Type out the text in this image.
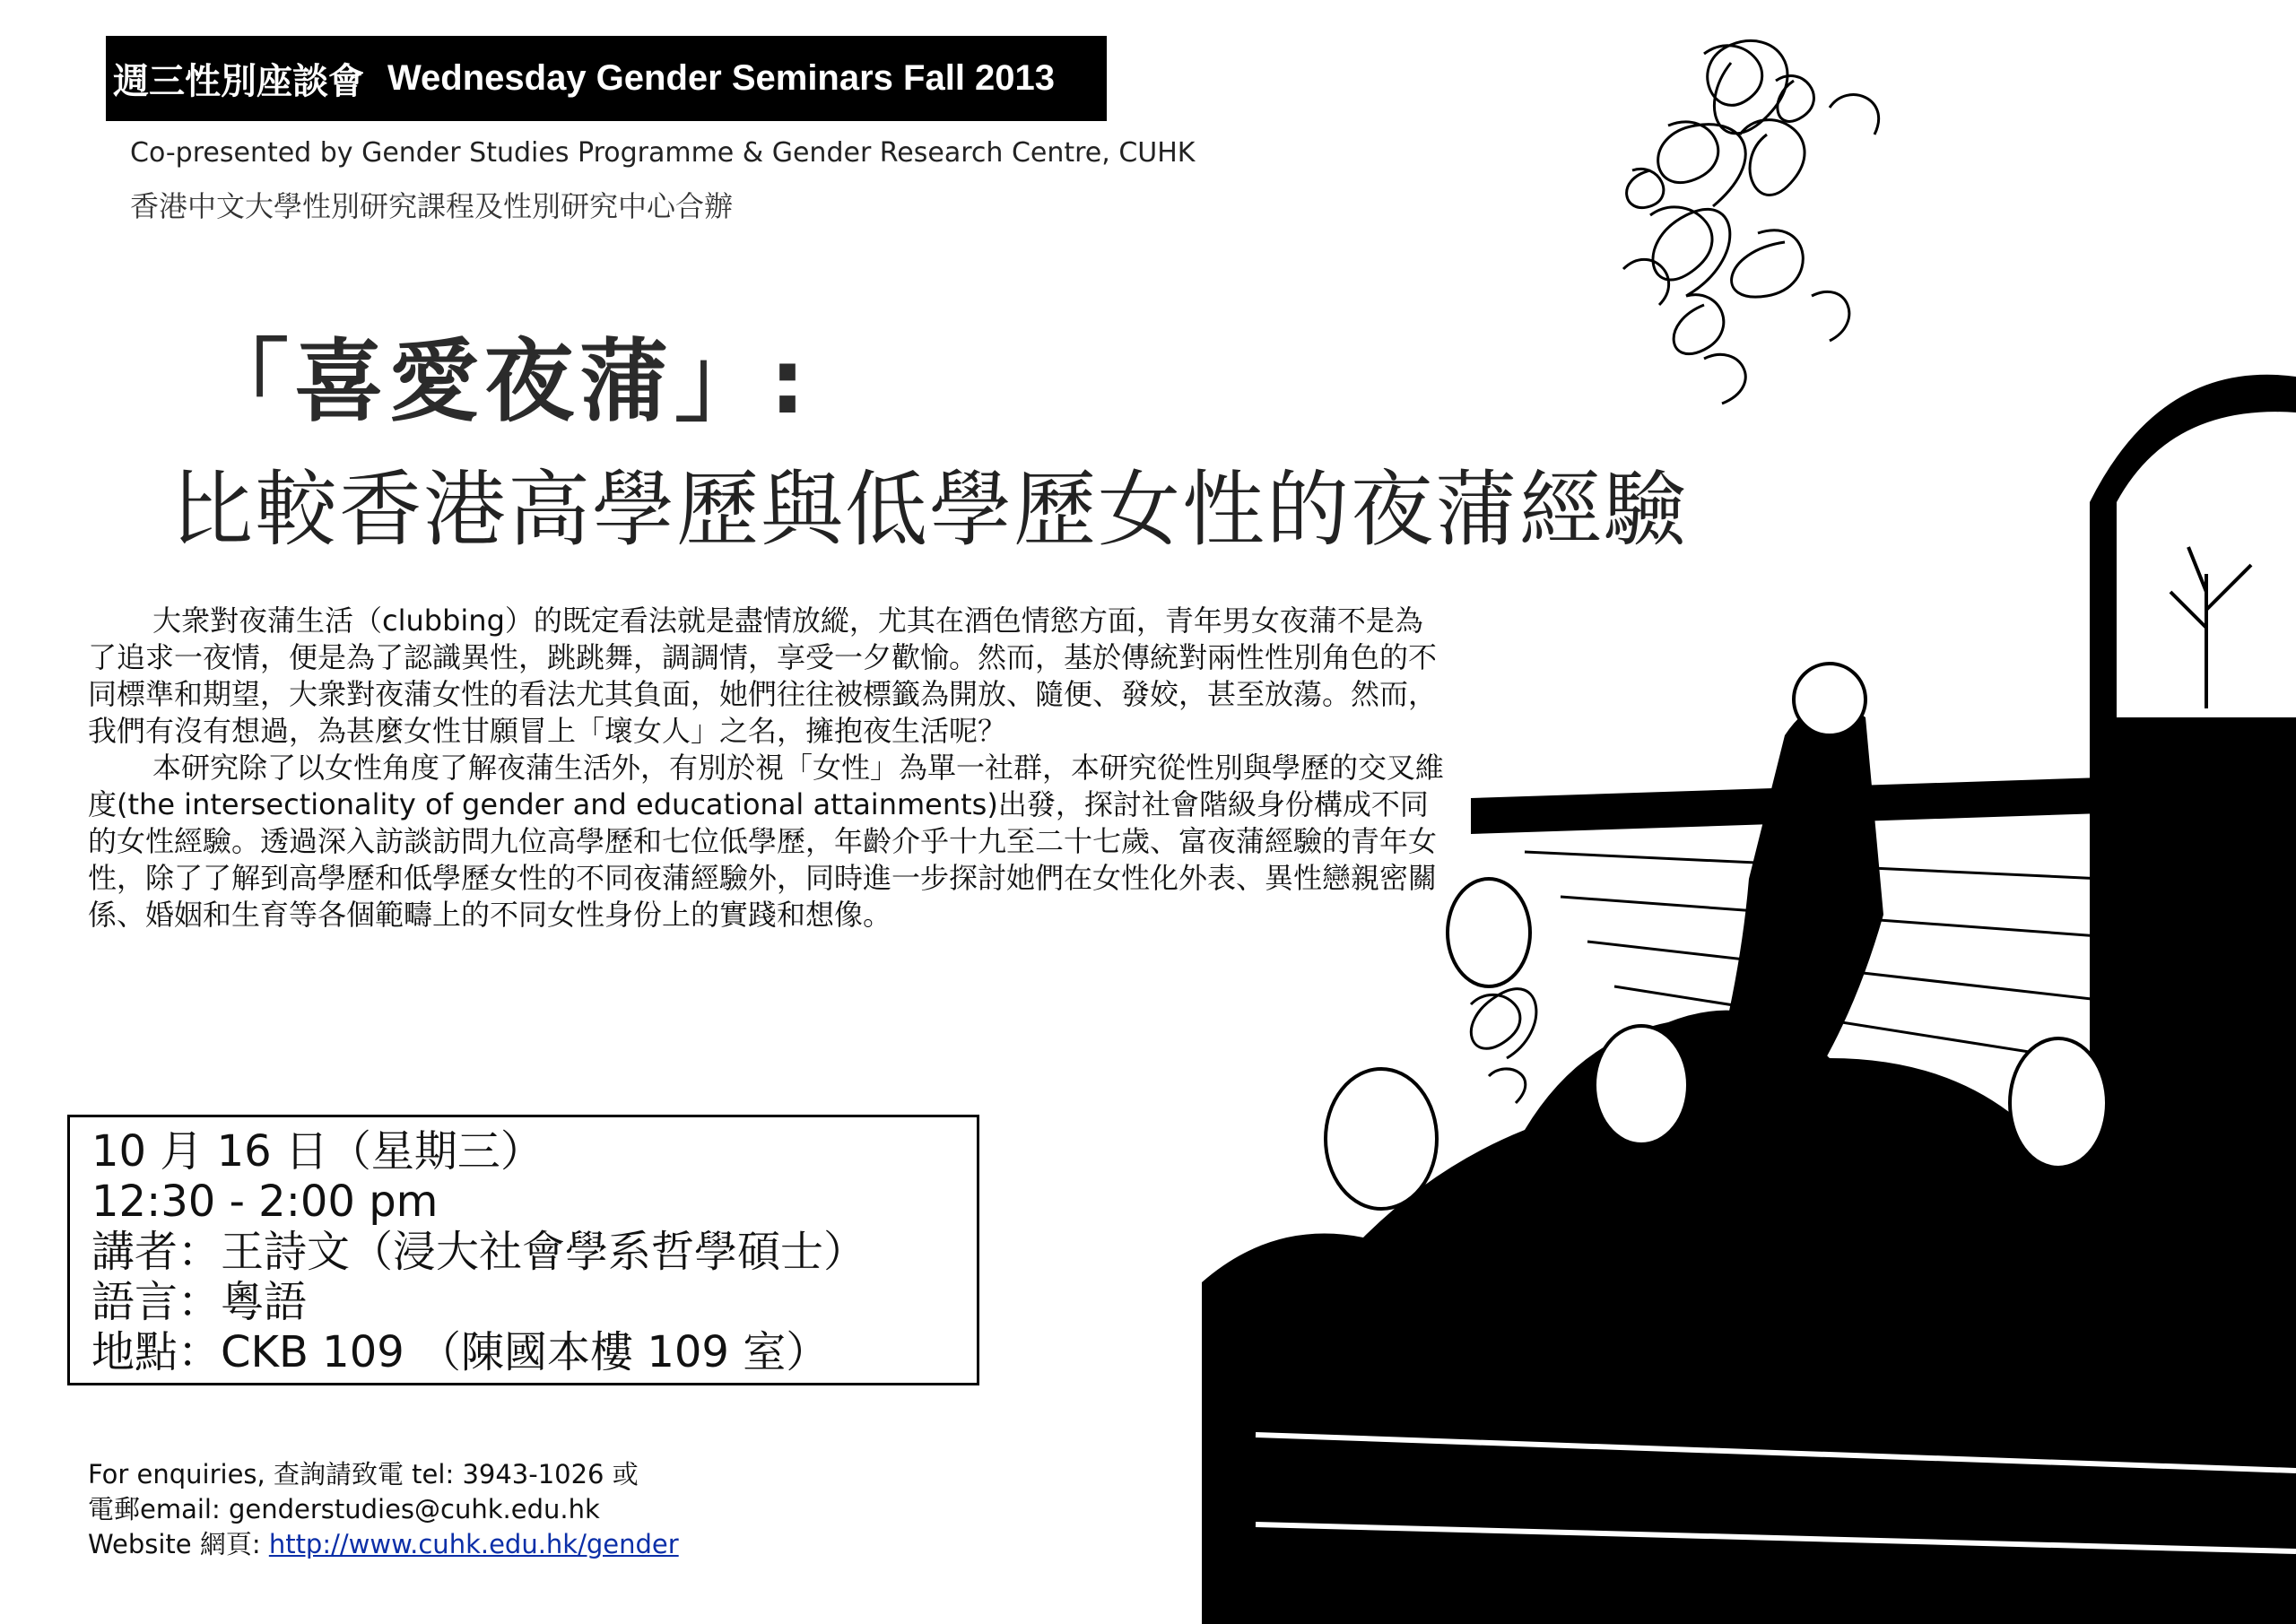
週三性別座談會 Wednesday Gender Seminars Fall 2013
Co-presented by Gender Studies Programme & Gender Research Centre, CUHK
香港中文大學性別研究課程及性別研究中心合辦
「喜愛夜蒲」:
比較香港高學歷與低學歷女性的夜蒲經驗

大衆對夜蒲生活（clubbing）的既定看法就是盡情放縱，尤其在酒色情慾方面，青年男女夜蒲不是為了追求一夜情，便是為了認識異性，跳跳舞，調調情，享受一夕歡愉。然而，基於傳統對兩性性別角色的不同標準和期望，大衆對夜蒲女性的看法尤其負面，她們往往被標籤為開放、隨便、發姣，甚至放蕩。然而，我們有沒有想過，為甚麼女性甘願冒上「壞女人」之名，擁抱夜生活呢？

本研究除了以女性角度了解夜蒲生活外，有別於視「女性」為單一社群，本研究從性別與學歷的交叉維度(the intersectionality of gender and educational attainments)出發，探討社會階級身份構成不同的女性經驗。透過深入訪談訪問九位高學歷和七位低學歷，年齡介乎十九至二十七歲、富夜蒲經驗的青年女性，除了了解到高學歷和低學歷女性的不同夜蒲經驗外，同時進一步探討她們在女性化外表、異性戀親密關係、婚姻和生育等各個範疇上的不同女性身份上的實踐和想像。

10 月 16 日（星期三）
12:30 - 2:00 pm
講者：王詩文（浸大社會學系哲學碩士）
語言：粵語
地點：CKB 109 （陳國本樓 109 室）
For enquiries, 查詢請致電 tel: 3943-1026 或
電郵email: genderstudies@cuhk.edu.hk
Website 網頁: http://www.cuhk.edu.hk/gender
